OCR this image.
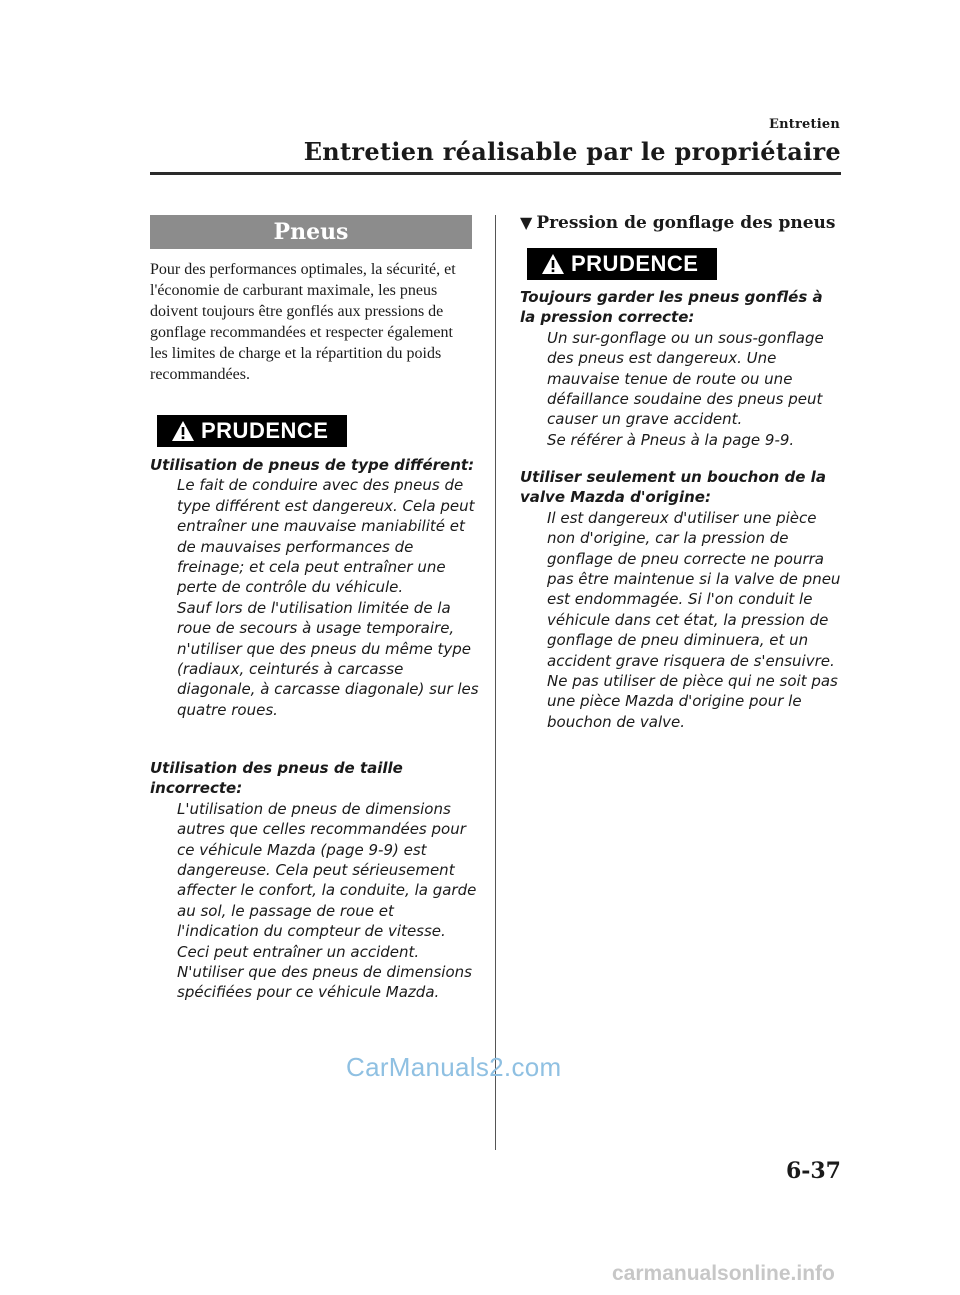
Entretien
Entretien réalisable par le propriétaire
Pneus
Pour des performances optimales, la sécurité, et l'économie de carburant maximale, les pneus doivent toujours être gonflés aux pressions de gonflage recommandées et respecter également les limites de charge et la répartition du poids recommandées.
PRUDENCE
Utilisation de pneus de type différent:
Le fait de conduire avec des pneus de type différent est dangereux. Cela peut entraîner une mauvaise maniabilité et de mauvaises performances de freinage; et cela peut entraîner une perte de contrôle du véhicule.
Sauf lors de l'utilisation limitée de la roue de secours à usage temporaire, n'utiliser que des pneus du même type (radiaux, ceinturés à carcasse diagonale, à carcasse diagonale) sur les quatre roues.
Utilisation des pneus de taille incorrecte:
L'utilisation de pneus de dimensions autres que celles recommandées pour ce véhicule Mazda (page 9-9) est dangereuse. Cela peut sérieusement affecter le confort, la conduite, la garde au sol, le passage de roue et l'indication du compteur de vitesse. Ceci peut entraîner un accident.
N'utiliser que des pneus de dimensions spécifiées pour ce véhicule Mazda.
▼ Pression de gonflage des pneus
PRUDENCE
Toujours garder les pneus gonflés à la pression correcte:
Un sur-gonflage ou un sous-gonflage des pneus est dangereux. Une mauvaise tenue de route ou une défaillance soudaine des pneus peut causer un grave accident.
Se référer à Pneus à la page 9-9.
Utiliser seulement un bouchon de la valve Mazda d'origine:
Il est dangereux d'utiliser une pièce non d'origine, car la pression de gonflage de pneu correcte ne pourra pas être maintenue si la valve de pneu est endommagée. Si l'on conduit le véhicule dans cet état, la pression de gonflage de pneu diminuera, et un accident grave risquera de s'ensuivre. Ne pas utiliser de pièce qui ne soit pas une pièce Mazda d'origine pour le bouchon de valve.
CarManuals2.com
6-37
carmanualsonline.info
